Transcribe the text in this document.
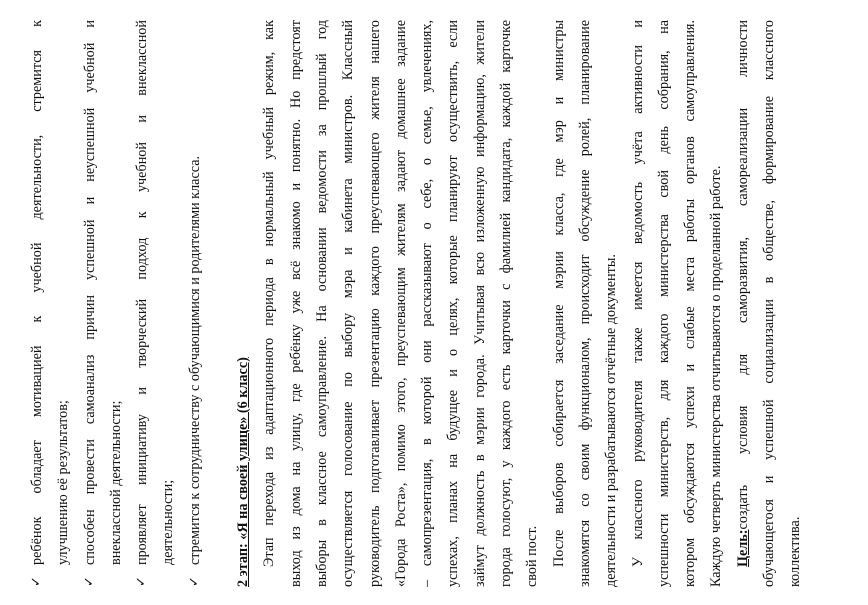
✓
ребёнок обладает мотивацией к учебной деятельности, стремится к улучшению её результатов;
✓
способен провести самоанализ причин успешной и неуспешной учебной и внеклассной деятельности;
✓
проявляет инициативу и творческий подход к учебной и внеклассной деятельности;
✓
стремится к сотрудничеству с обучающимися и родителями класса.	2 этап: «Я на своей улице» (6 класс) Этап перехода из адаптационного периода в нормальный учебный режим, как выход из дома на улицу, где ребёнку уже всё знакомо и понятно. Но предстоят выборы в классное самоуправление. На основании ведомости за прошлый год осуществляется голосование по выбору мэра и кабинета министров. Классный руководитель подготавливает презентацию каждого преуспевающего жителя нашего «Города Роста», помимо этого, преуспевающим жителям задают домашнее задание – самопрезентация, в которой они рассказывают о себе, о семье, увлечениях, успехах, планах на будущее и о целях, которые планируют осуществить, если займут должность в мэрии города. Учитывая всю изложенную информацию, жители города голосуют, у каждого есть карточки с фамилией кандидата, каждой карточке свой пост. После выборов собирается заседание мэрии класса, где мэр и министры знакомятся со своим функционалом, происходит обсуждение ролей, планирование деятельности и разрабатываются отчётные документы. У классного руководителя также имеется ведомость учёта активности и успешности министерств, для каждого министерства свой день собрания, на котором обсуждаются успехи и слабые места работы органов самоуправления. Каждую четверть министерства отчитываются о проделанной работе. Цель:создать условия для саморазвития, самореализации личности обучающегося и успешной социализации в обществе, формирование классного коллектива.
